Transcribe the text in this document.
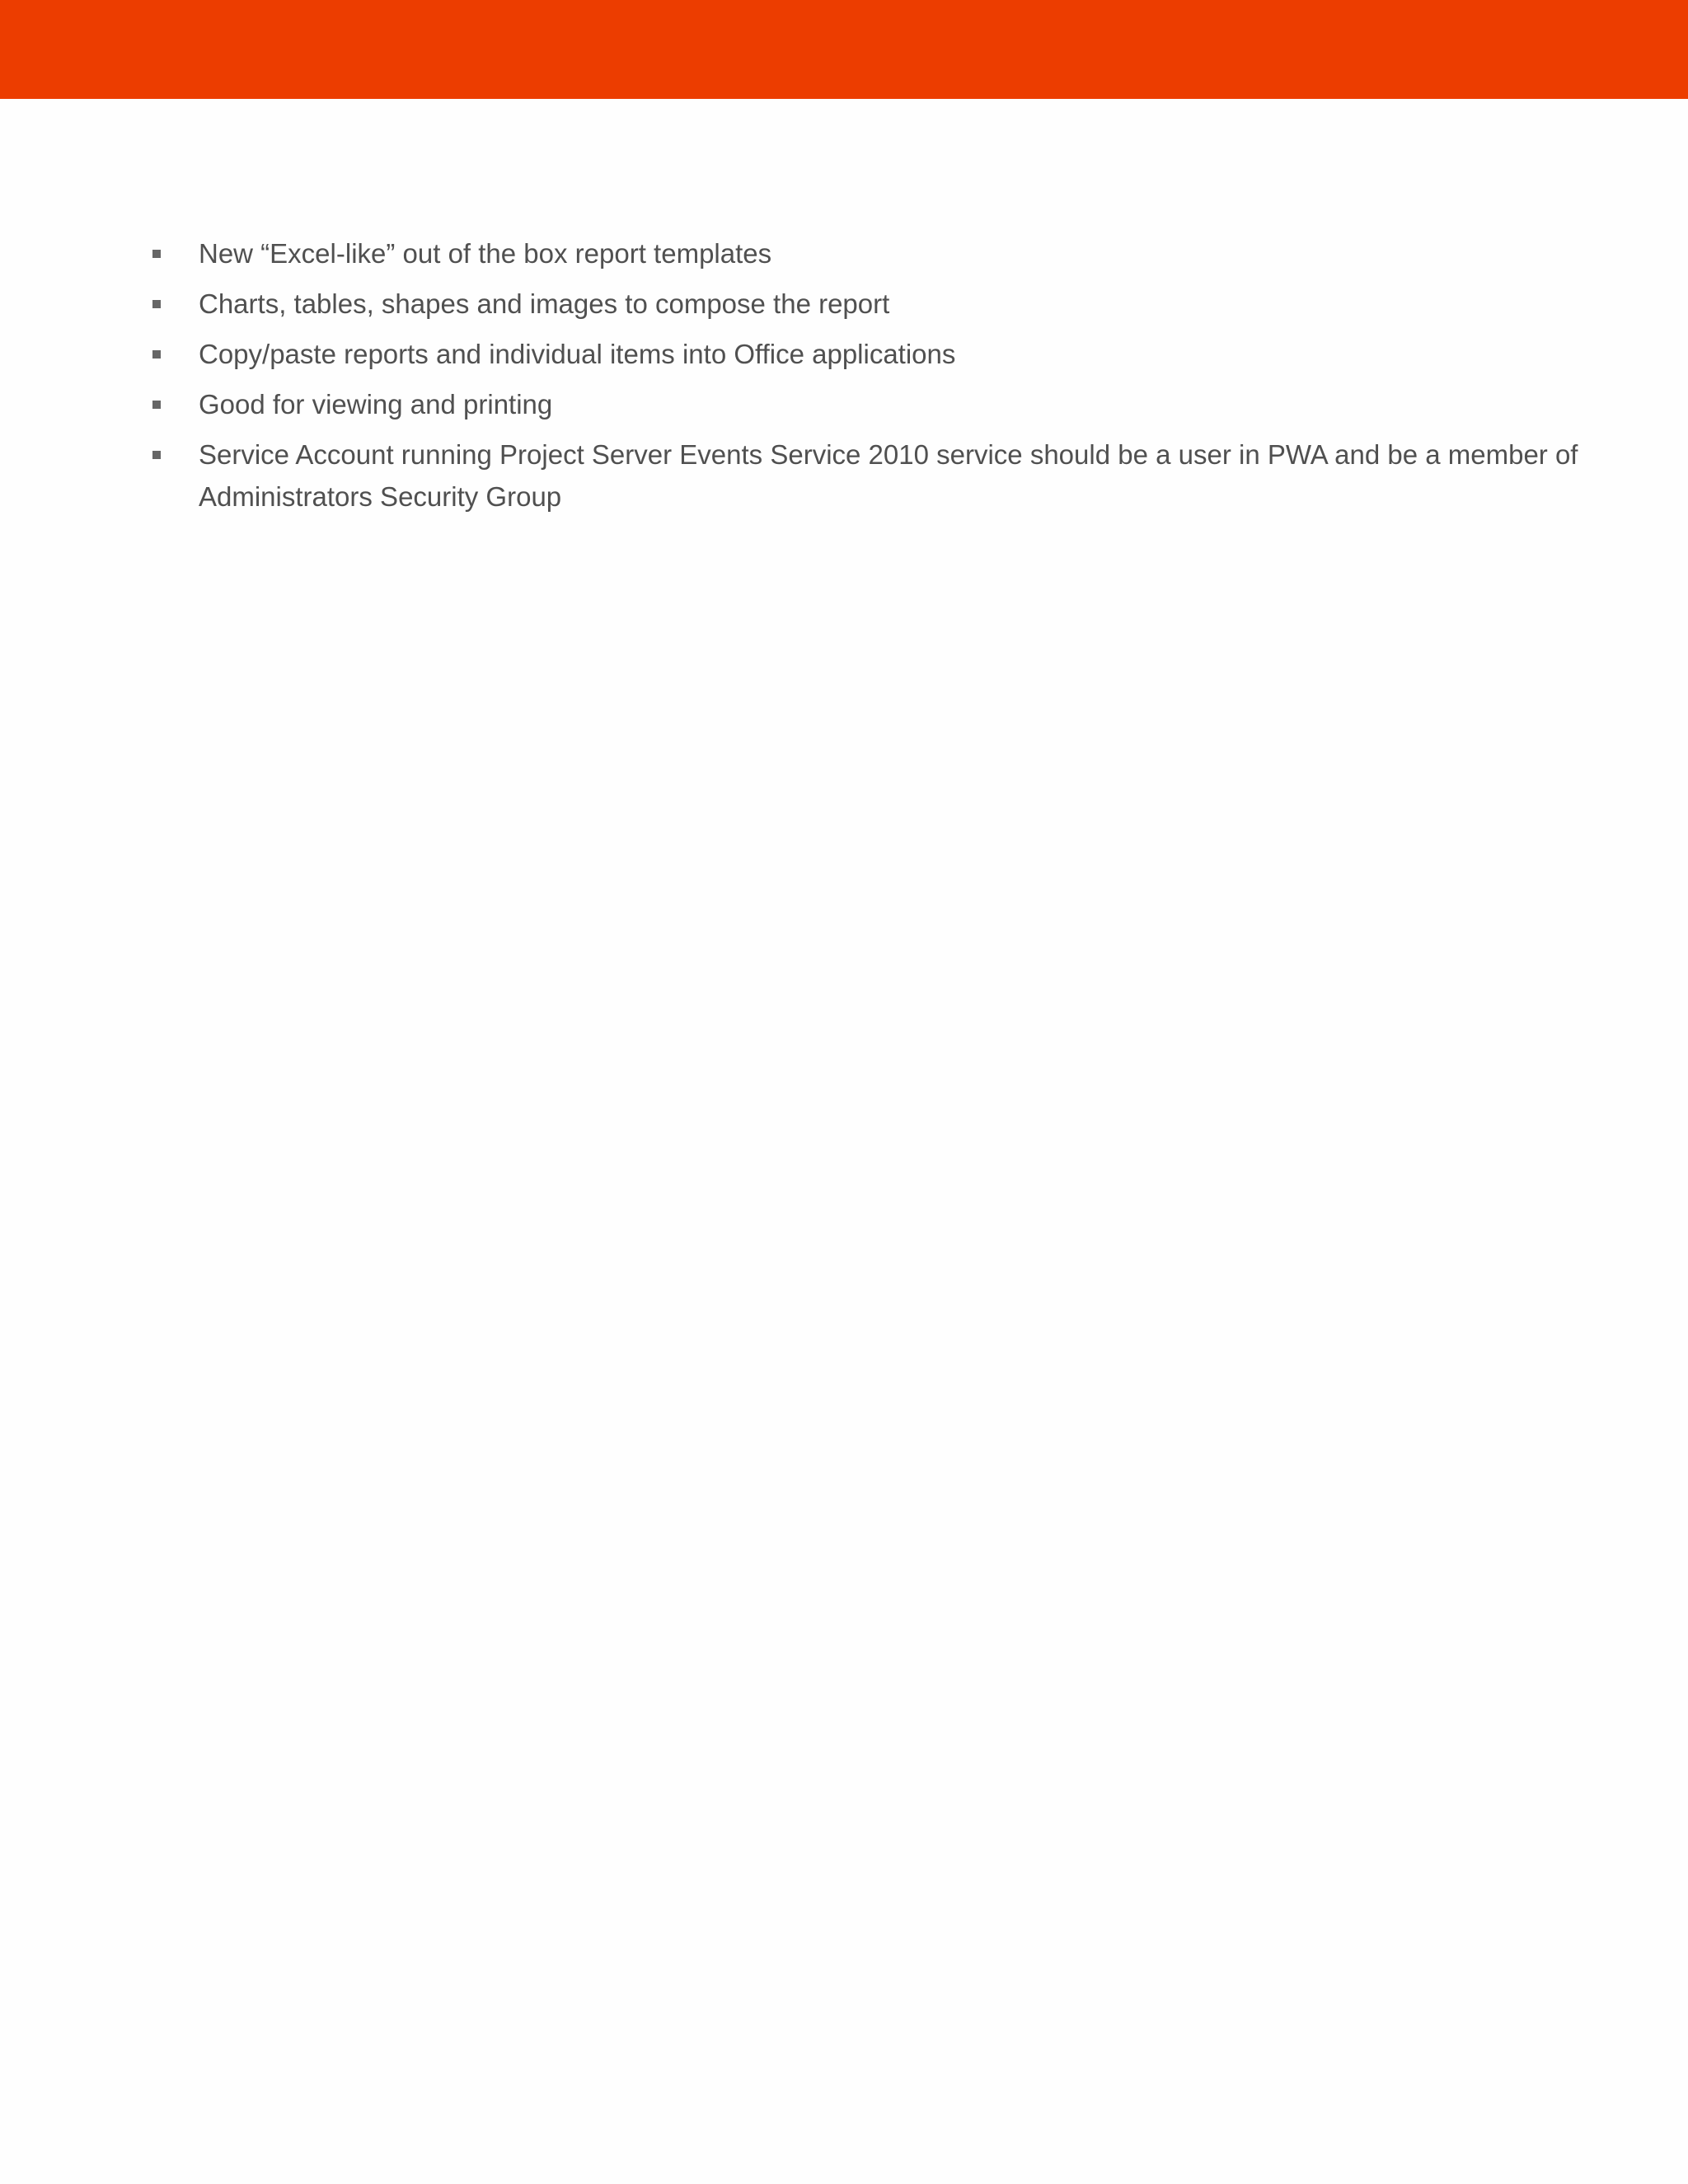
New “Excel-like” out of the box report templates
Charts, tables, shapes and images to compose the report
Copy/paste reports and individual items into Office applications
Good for viewing and printing
Service Account running Project Server Events Service 2010 service should be a user in PWA and be a member of Administrators Security Group
